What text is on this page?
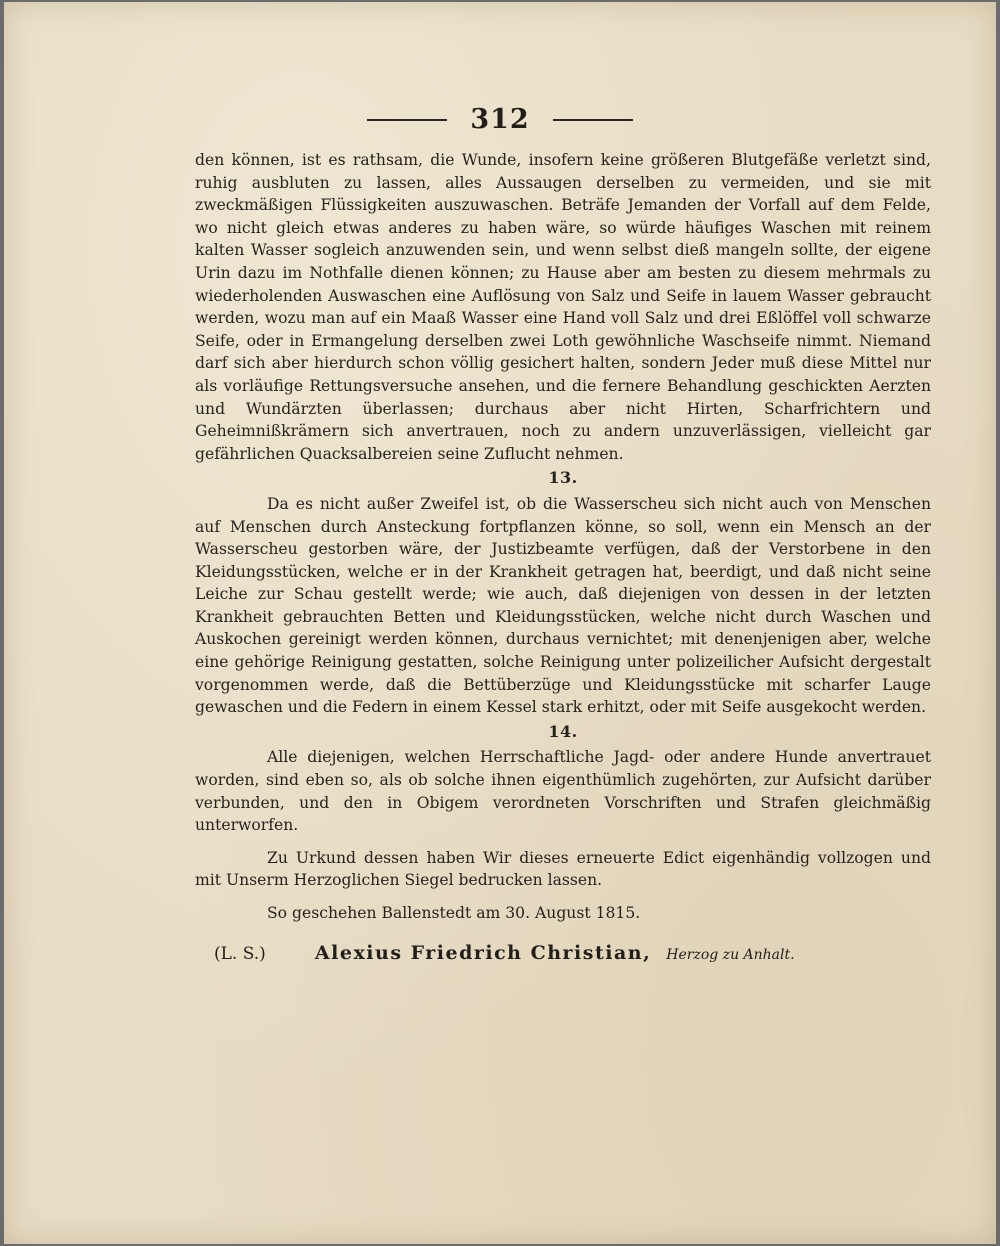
312

den können, ist es rathsam, die Wunde, insofern keine größeren Blutgefäße verletzt sind, ruhig ausbluten zu lassen, alles Aussaugen derselben zu vermeiden, und sie mit zweckmäßigen Flüssigkeiten auszuwaschen. Beträfe Jemanden der Vorfall auf dem Felde, wo nicht gleich etwas anderes zu haben wäre, so würde häufiges Waschen mit reinem kalten Wasser sogleich anzuwenden sein, und wenn selbst dieß mangeln sollte, der eigene Urin dazu im Nothfalle dienen können; zu Hause aber am besten zu diesem mehrmals zu wiederholenden Auswaschen eine Auflösung von Salz und Seife in lauem Wasser gebraucht werden, wozu man auf ein Maaß Wasser eine Hand voll Salz und drei Eßlöffel voll schwarze Seife, oder in Ermangelung derselben zwei Loth gewöhnliche Waschseife nimmt. Niemand darf sich aber hierdurch schon völlig gesichert halten, sondern Jeder muß diese Mittel nur als vorläufige Rettungsversuche ansehen, und die fernere Behandlung geschickten Aerzten und Wundärzten überlassen; durchaus aber nicht Hirten, Scharfrichtern und Geheimnißkrämern sich anvertrauen, noch zu andern unzuverlässigen, vielleicht gar gefährlichen Quacksalbereien seine Zuflucht nehmen.

13.

Da es nicht außer Zweifel ist, ob die Wasserscheu sich nicht auch von Menschen auf Menschen durch Ansteckung fortpflanzen könne, so soll, wenn ein Mensch an der Wasserscheu gestorben wäre, der Justizbeamte verfügen, daß der Verstorbene in den Kleidungsstücken, welche er in der Krankheit getragen hat, beerdigt, und daß nicht seine Leiche zur Schau gestellt werde; wie auch, daß diejenigen von dessen in der letzten Krankheit gebrauchten Betten und Kleidungsstücken, welche nicht durch Waschen und Auskochen gereinigt werden können, durchaus vernichtet; mit denenjenigen aber, welche eine gehörige Reinigung gestatten, solche Reinigung unter polizeilicher Aufsicht dergestalt vorgenommen werde, daß die Bettüberzüge und Kleidungsstücke mit scharfer Lauge gewaschen und die Federn in einem Kessel stark erhitzt, oder mit Seife ausgekocht werden.

14.

Alle diejenigen, welchen Herrschaftliche Jagd- oder andere Hunde anvertrauet worden, sind eben so, als ob solche ihnen eigenthümlich zugehörten, zur Aufsicht darüber verbunden, und den in Obigem verordneten Vorschriften und Strafen gleichmäßig unterworfen.

Zu Urkund dessen haben Wir dieses erneuerte Edict eigenhändig vollzogen und mit Unserm Herzoglichen Siegel bedrucken lassen.

So geschehen Ballenstedt am 30. August 1815.

(L. S.)	Alexius Friedrich Christian, Herzog zu Anhalt.
